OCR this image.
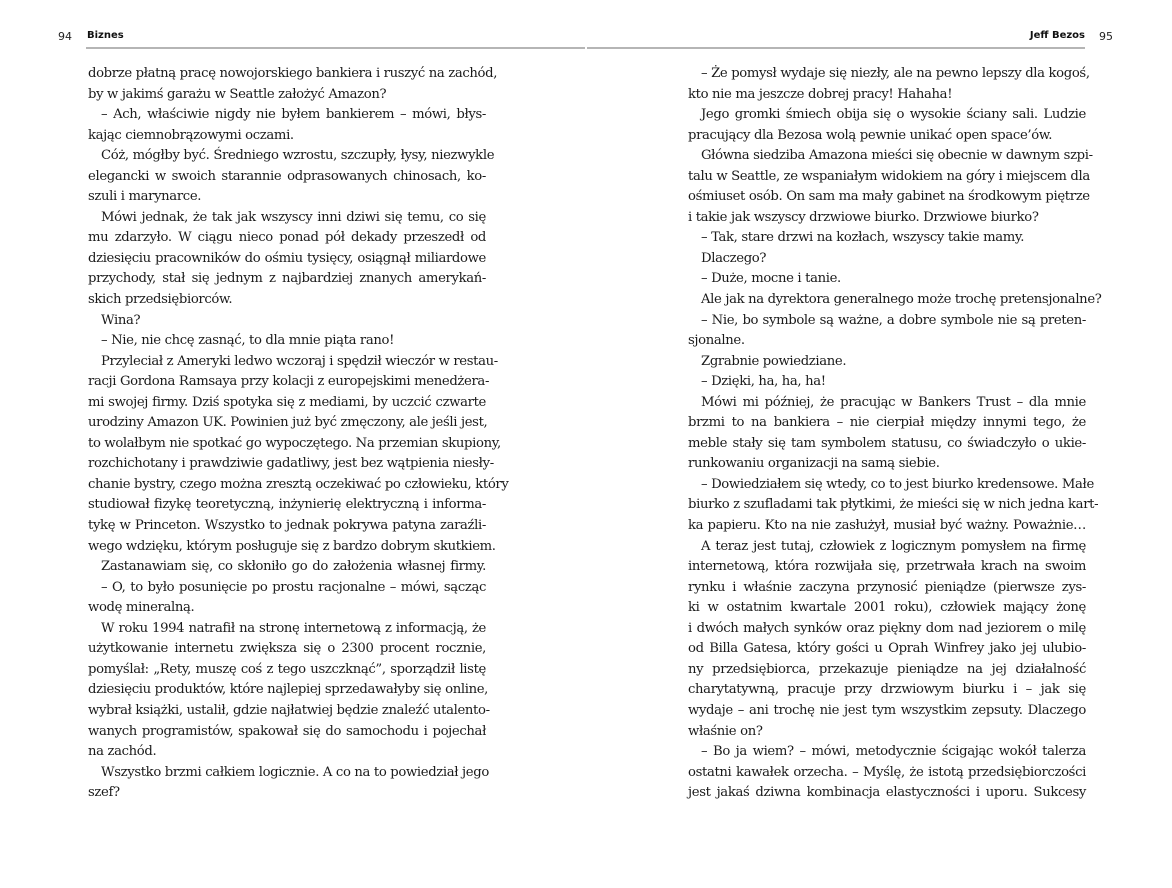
94 Biznes
dobrze płatną pracę nowojorskiego bankiera i ruszyć na zachód,
by w jakimś garażu w Seattle założyć Amazon?
– Ach, właściwie nigdy nie byłem bankierem – mówi, błys-
kając ciemnobrązowymi oczami.
Cóż, mógłby być. Średniego wzrostu, szczupły, łysy, niezwykle
elegancki w swoich starannie odprasowanych chinosach, ko-
szuli i marynarce.
Mówi jednak, że tak jak wszyscy inni dziwi się temu, co się
mu zdarzyło. W ciągu nieco ponad pół dekady przeszedł od
dziesięciu pracowników do ośmiu tysięcy, osiągnął miliardowe
przychody, stał się jednym z najbardziej znanych amerykań-
skich przedsiębiorców.
Wina?
– Nie, nie chcę zasnąć, to dla mnie piąta rano!
Przyleciał z Ameryki ledwo wczoraj i spędził wieczór w restau-
racji Gordona Ramsaya przy kolacji z europejskimi menedżera-
mi swojej firmy. Dziś spotyka się z mediami, by uczcić czwarte
urodziny Amazon UK. Powinien już być zmęczony, ale jeśli jest,
to wolałbym nie spotkać go wypoczętego. Na przemian skupiony,
rozchichotany i prawdziwie gadatliwy, jest bez wątpienia niesły-
chanie bystry, czego można zresztą oczekiwać po człowieku, który
studiował fizykę teoretyczną, inżynierię elektryczną i informa-
tykę w Princeton. Wszystko to jednak pokrywa patyna zaraźli-
wego wdzięku, którym posługuje się z bardzo dobrym skutkiem.
Zastanawiam się, co skłoniło go do założenia własnej firmy.
– O, to było posunięcie po prostu racjonalne – mówi, sącząc
wodę mineralną.
W roku 1994 natrafił na stronę internetową z informacją, że
użytkowanie internetu zwiększa się o 2300 procent rocznie,
pomyślał: „Rety, muszę coś z tego uszczknąć”, sporządził listę
dziesięciu produktów, które najlepiej sprzedawałyby się online,
wybrał książki, ustalił, gdzie najłatwiej będzie znaleźć utalento-
wanych programistów, spakował się do samochodu i pojechał
na zachód.
Wszystko brzmi całkiem logicznie. A co na to powiedział jego
szef?
95
Jeff Bezos
– Że pomysł wydaje się niezły, ale na pewno lepszy dla kogoś,
kto nie ma jeszcze dobrej pracy! Hahaha!
Jego gromki śmiech obija się o wysokie ściany sali. Ludzie
pracujący dla Bezosa wolą pewnie unikać open space’ów.
Główna siedziba Amazona mieści się obecnie w dawnym szpi-
talu w Seattle, ze wspaniałym widokiem na góry i miejscem dla
ośmiuset osób. On sam ma mały gabinet na środkowym piętrze
i takie jak wszyscy drzwiowe biurko. Drzwiowe biurko?
– Tak, stare drzwi na kozłach, wszyscy takie mamy.
Dlaczego?
– Duże, mocne i tanie.
Ale jak na dyrektora generalnego może trochę pretensjonalne?
– Nie, bo symbole są ważne, a dobre symbole nie są preten-
sjonalne.
Zgrabnie powiedziane.
– Dzięki, ha, ha, ha!
Mówi mi później, że pracując w Bankers Trust – dla mnie
brzmi to na bankiera – nie cierpiał między innymi tego, że
meble stały się tam symbolem statusu, co świadczyło o ukie-
runkowaniu organizacji na samą siebie.
– Dowiedziałem się wtedy, co to jest biurko kredensowe. Małe
biurko z szufladami tak płytkimi, że mieści się w nich jedna kart-
ka papieru. Kto na nie zasłużył, musiał być ważny. Poważnie…
A teraz jest tutaj, człowiek z logicznym pomysłem na firmę
internetową, która rozwijała się, przetrwała krach na swoim
rynku i właśnie zaczyna przynosić pieniądze (pierwsze zys-
ki w ostatnim kwartale 2001 roku), człowiek mający żonę
i dwóch małych synków oraz piękny dom nad jeziorem o milę
od Billa Gatesa, który gości u Oprah Winfrey jako jej ulubio-
ny przedsiębiorca, przekazuje pieniądze na jej działalność
charytatywną, pracuje przy drzwiowym biurku i – jak się
wydaje – ani trochę nie jest tym wszystkim zepsuty. Dlaczego
właśnie on?
– Bo ja wiem? – mówi, metodycznie ścigając wokół talerza
ostatni kawałek orzecha. – Myślę, że istotą przedsiębiorczości
jest jakaś dziwna kombinacja elastyczności i uporu. Sukcesy
